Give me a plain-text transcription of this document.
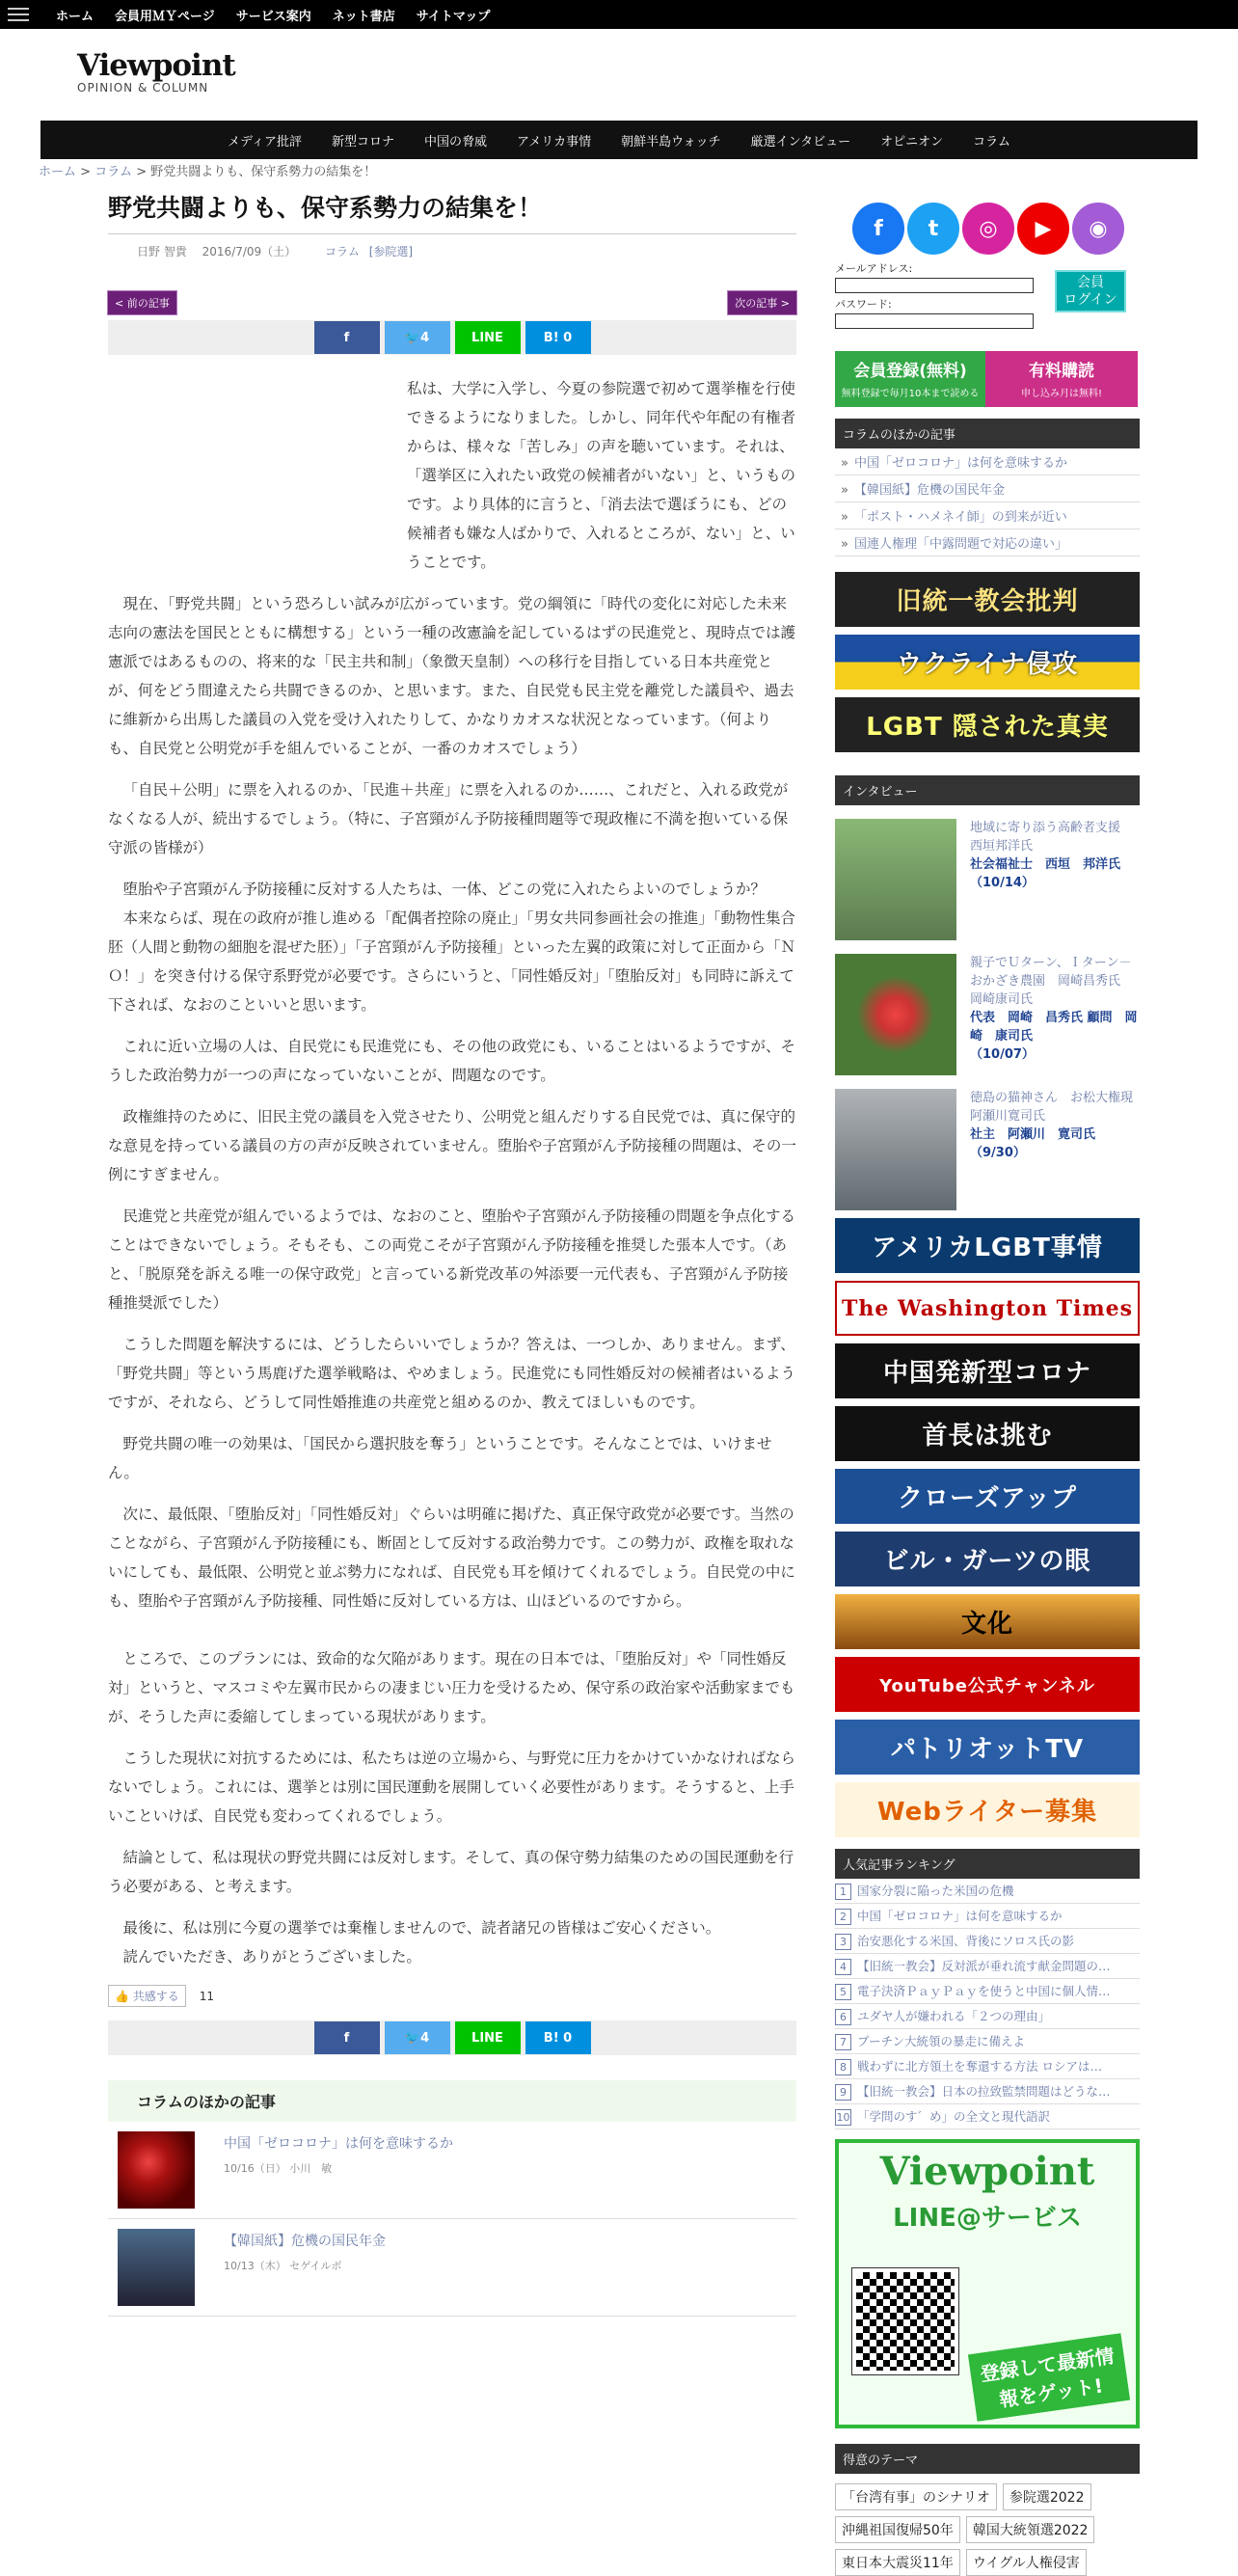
ホーム 会員用ＭＹページ サービス案内 ネット書店 サイトマップ
Viewpoint
OPINION & COLUMN
メディア批評 新型コロナ 中国の脅威 アメリカ事情 朝鮮半島ウォッチ 厳選インタビュー オピニオン コラム
ホーム > コラム > 野党共闘よりも、保守系勢力の結集を！
野党共闘よりも、保守系勢力の結集を！
日野 智貴　 2016/7/09（土） コラム [参院選]
< 前の記事	次の記事 >
f	🐦 4	LINE	B! 0

私は、大学に入学し、今夏の参院選で初めて選挙権を行使できるようになりました。しかし、同年代や年配の有権者からは、様々な「苦しみ」の声を聴いています。それは、「選挙区に入れたい政党の候補者がいない」と、いうものです。より具体的に言うと、「消去法で選ぼうにも、どの候補者も嫌な人ばかりで、入れるところが、ない」と、いうことです。

現在、「野党共闘」という恐ろしい試みが広がっています。党の綱領に「時代の変化に対応した未来志向の憲法を国民とともに構想する」という一種の改憲論を記しているはずの民進党と、現時点では護憲派ではあるものの、将来的な「民主共和制」（象徴天皇制）への移行を目指している日本共産党とが、何をどう間違えたら共闘できるのか、と思います。また、自民党も民主党を離党した議員や、過去に維新から出馬した議員の入党を受け入れたりして、かなりカオスな状況となっています。（何よりも、自民党と公明党が手を組んでいることが、一番のカオスでしょう）

「自民＋公明」に票を入れるのか、「民進＋共産」に票を入れるのか……、これだと、入れる政党がなくなる人が、続出するでしょう。（特に、子宮頸がん予防接種問題等で現政権に不満を抱いている保守派の皆様が）

堕胎や子宮頸がん予防接種に反対する人たちは、一体、どこの党に入れたらよいのでしょうか？

本来ならば、現在の政府が推し進める「配偶者控除の廃止」「男女共同参画社会の推進」「動物性集合胚（人間と動物の細胞を混ぜた胚）」「子宮頸がん予防接種」といった左翼的政策に対して正面から「ＮＯ！」を突き付ける保守系野党が必要です。さらにいうと、「同性婚反対」「堕胎反対」も同時に訴えて下されば、なおのこといいと思います。

これに近い立場の人は、自民党にも民進党にも、その他の政党にも、いることはいるようですが、そうした政治勢力が一つの声になっていないことが、問題なのです。

政権維持のために、旧民主党の議員を入党させたり、公明党と組んだりする自民党では、真に保守的な意見を持っている議員の方の声が反映されていません。堕胎や子宮頸がん予防接種の問題は、その一例にすぎません。

民進党と共産党が組んでいるようでは、なおのこと、堕胎や子宮頸がん予防接種の問題を争点化することはできないでしょう。そもそも、この両党こそが子宮頸がん予防接種を推奨した張本人です。（あと、「脱原発を訴える唯一の保守政党」と言っている新党改革の舛添要一元代表も、子宮頸がん予防接種推奨派でした）

こうした問題を解決するには、どうしたらいいでしょうか？答えは、一つしか、ありません。まず、「野党共闘」等という馬鹿げた選挙戦略は、やめましょう。民進党にも同性婚反対の候補者はいるようですが、それなら、どうして同性婚推進の共産党と組めるのか、教えてほしいものです。

野党共闘の唯一の効果は、「国民から選択肢を奪う」ということです。そんなことでは、いけません。

次に、最低限、「堕胎反対」「同性婚反対」ぐらいは明確に掲げた、真正保守政党が必要です。当然のことながら、子宮頸がん予防接種にも、断固として反対する政治勢力です。この勢力が、政権を取れないにしても、最低限、公明党と並ぶ勢力になれば、自民党も耳を傾けてくれるでしょう。自民党の中にも、堕胎や子宮頸がん予防接種、同性婚に反対している方は、山ほどいるのですから。

ところで、このプランには、致命的な欠陥があります。現在の日本では、「堕胎反対」や「同性婚反対」というと、マスコミや左翼市民からの凄まじい圧力を受けるため、保守系の政治家や活動家までもが、そうした声に委縮してしまっている現状があります。

こうした現状に対抗するためには、私たちは逆の立場から、与野党に圧力をかけていかなければならないでしょう。これには、選挙とは別に国民運動を展開していく必要性があります。そうすると、上手いこといけば、自民党も変わってくれるでしょう。

結論として、私は現状の野党共闘には反対します。そして、真の保守勢力結集のための国民運動を行う必要がある、と考えます。

最後に、私は別に今夏の選挙では棄権しませんので、読者諸兄の皆様はご安心ください。

読んでいただき、ありがとうございました。

👍 共感する	11
f	🐦 4	LINE	B! 0
コラムのほかの記事
中国「ゼロコロナ」は何を意味するか
10/16（日） 小川　敏
【韓国紙】危機の国民年金
10/13（木） セゲイルボ
f	t	◎	▶	◉
メールアドレス:
パスワード:
会員
ログイン
会員登録(無料)
無料登録で毎月10本まで読める
有料購読
申し込み月は無料!
コラムのほかの記事
» 中国「ゼロコロナ」は何を意味するか
» 【韓国紙】危機の国民年金
» 「ポスト・ハメネイ師」の到来が近い
» 国連人権理「中露問題で対応の違い」
旧統一教会批判
ウクライナ侵攻
LGBT 隠された真実
インタビュー
地域に寄り添う高齢者支援　西垣邦洋氏
社会福祉士　西垣　邦洋氏
（10/14）
親子でＵターン、Ｉターン－おかざき農園　岡崎昌秀氏　岡崎康司氏
代表　岡崎　昌秀氏 顧問　岡崎　康司氏
（10/07）
徳島の猫神さん　お松大権現　阿瀬川寛司氏
社主　阿瀬川　寛司氏
（9/30）
アメリカLGBT事情
The Washington Times
中国発新型コロナ
首長は挑む
クローズアップ
ビル・ガーツの眼
文化
YouTube公式チャンネル
パトリオットTV
Webライター募集
人気記事ランキング
1 国家分裂に陥った米国の危機
2 中国「ゼロコロナ」は何を意味するか
3 治安悪化する米国、背後にソロス氏の影
4 【旧統一教会】反対派が垂れ流す献金問題の…
5 電子決済ＰａｙＰａｙを使うと中国に個人情…
6 ユダヤ人が嫌われる「２つの理由」
7 プーチン大統領の暴走に備えよ
8 戦わずに北方領土を奪還する方法 ロシアは…
9 【旧統一教会】日本の拉致監禁問題はどうな…
10 「学問のす゛め」の全文と現代語訳
Viewpoint
LINE@サービス
登録して最新情報をゲット!
得意のテーマ
「台湾有事」のシナリオ	参院選2022
沖縄祖国復帰50年	韓国大統領選2022
東日本大震災11年	ウイグル人権侵害
